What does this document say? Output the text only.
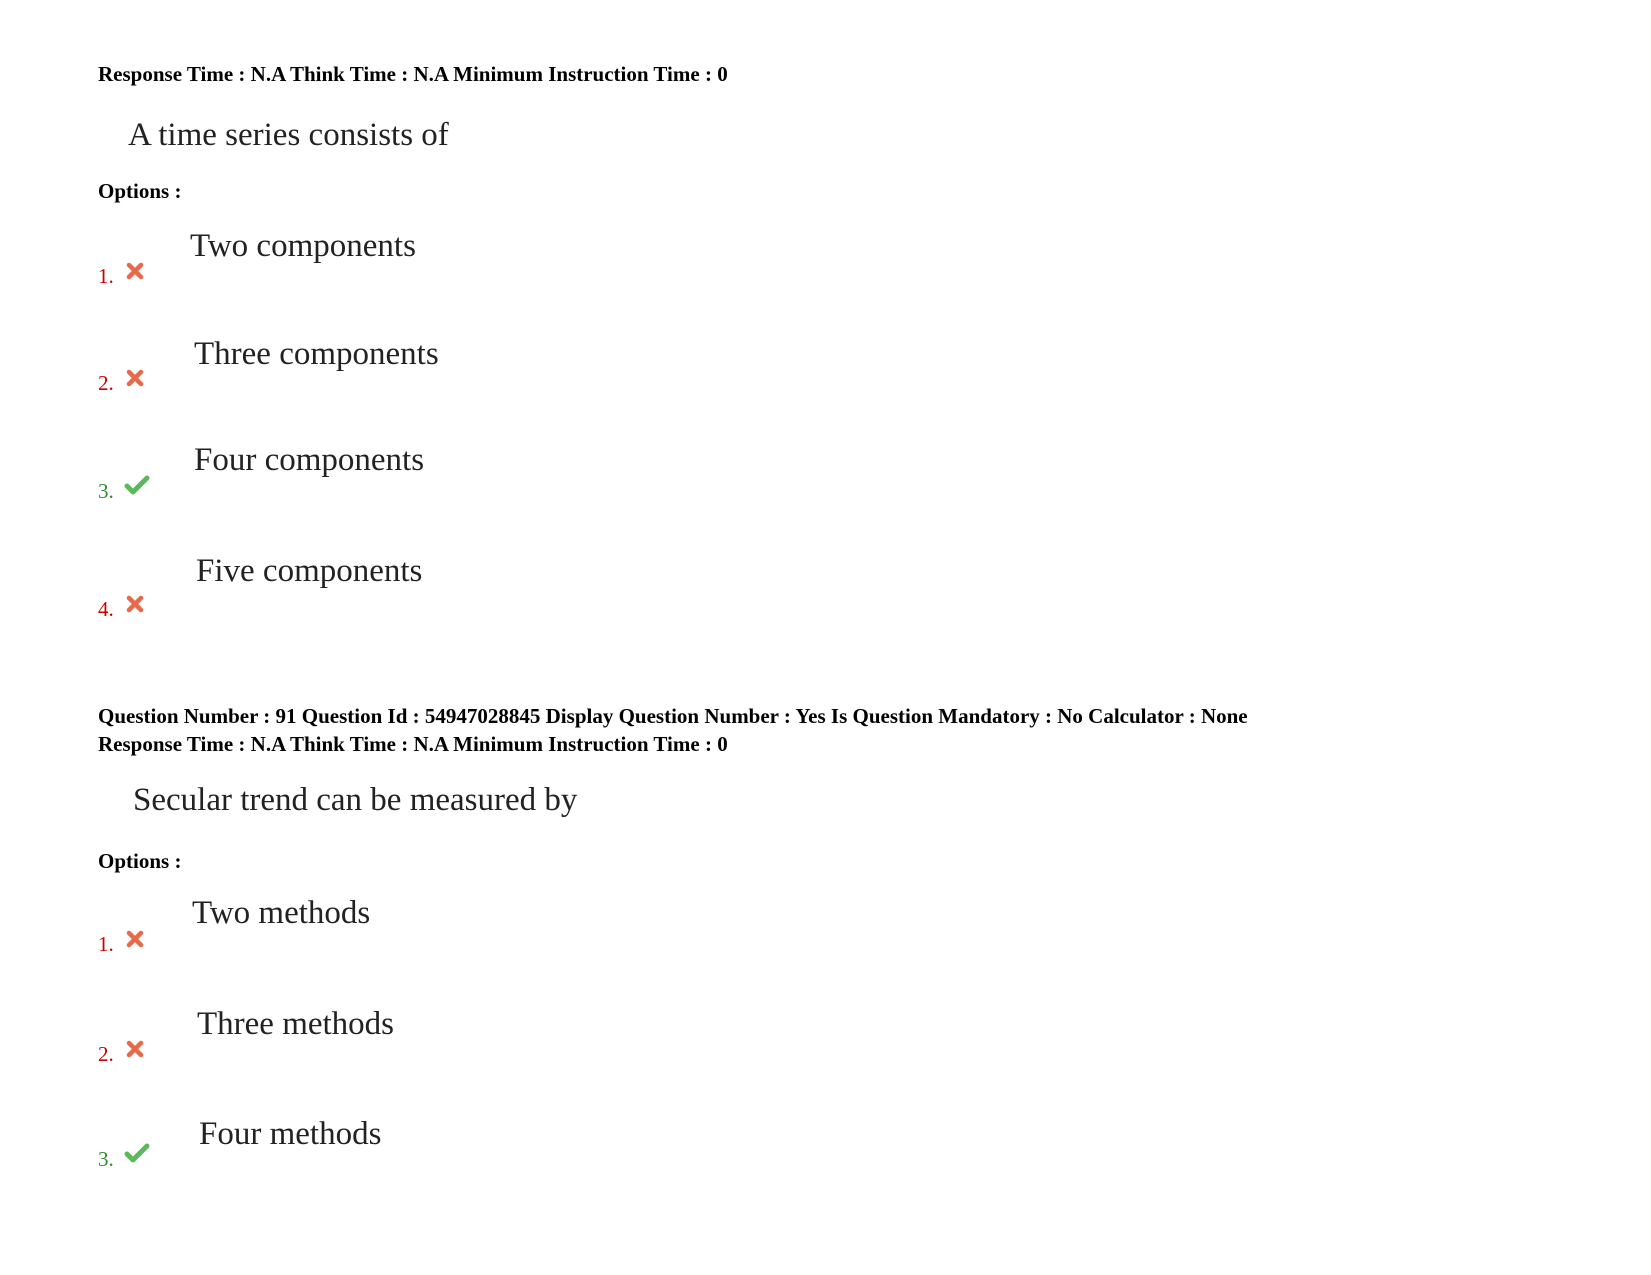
Response Time : N.A Think Time : N.A Minimum Instruction Time : 0
A time series consists of
Options :
Two components
1.
Three components
2.
Four components
3.
Five components
4.
Question Number : 91 Question Id : 54947028845 Display Question Number : Yes Is Question Mandatory : No Calculator : None
Response Time : N.A Think Time : N.A Minimum Instruction Time : 0
Secular trend can be measured by
Options :
Two methods
1.
Three methods
2.
Four methods
3.
